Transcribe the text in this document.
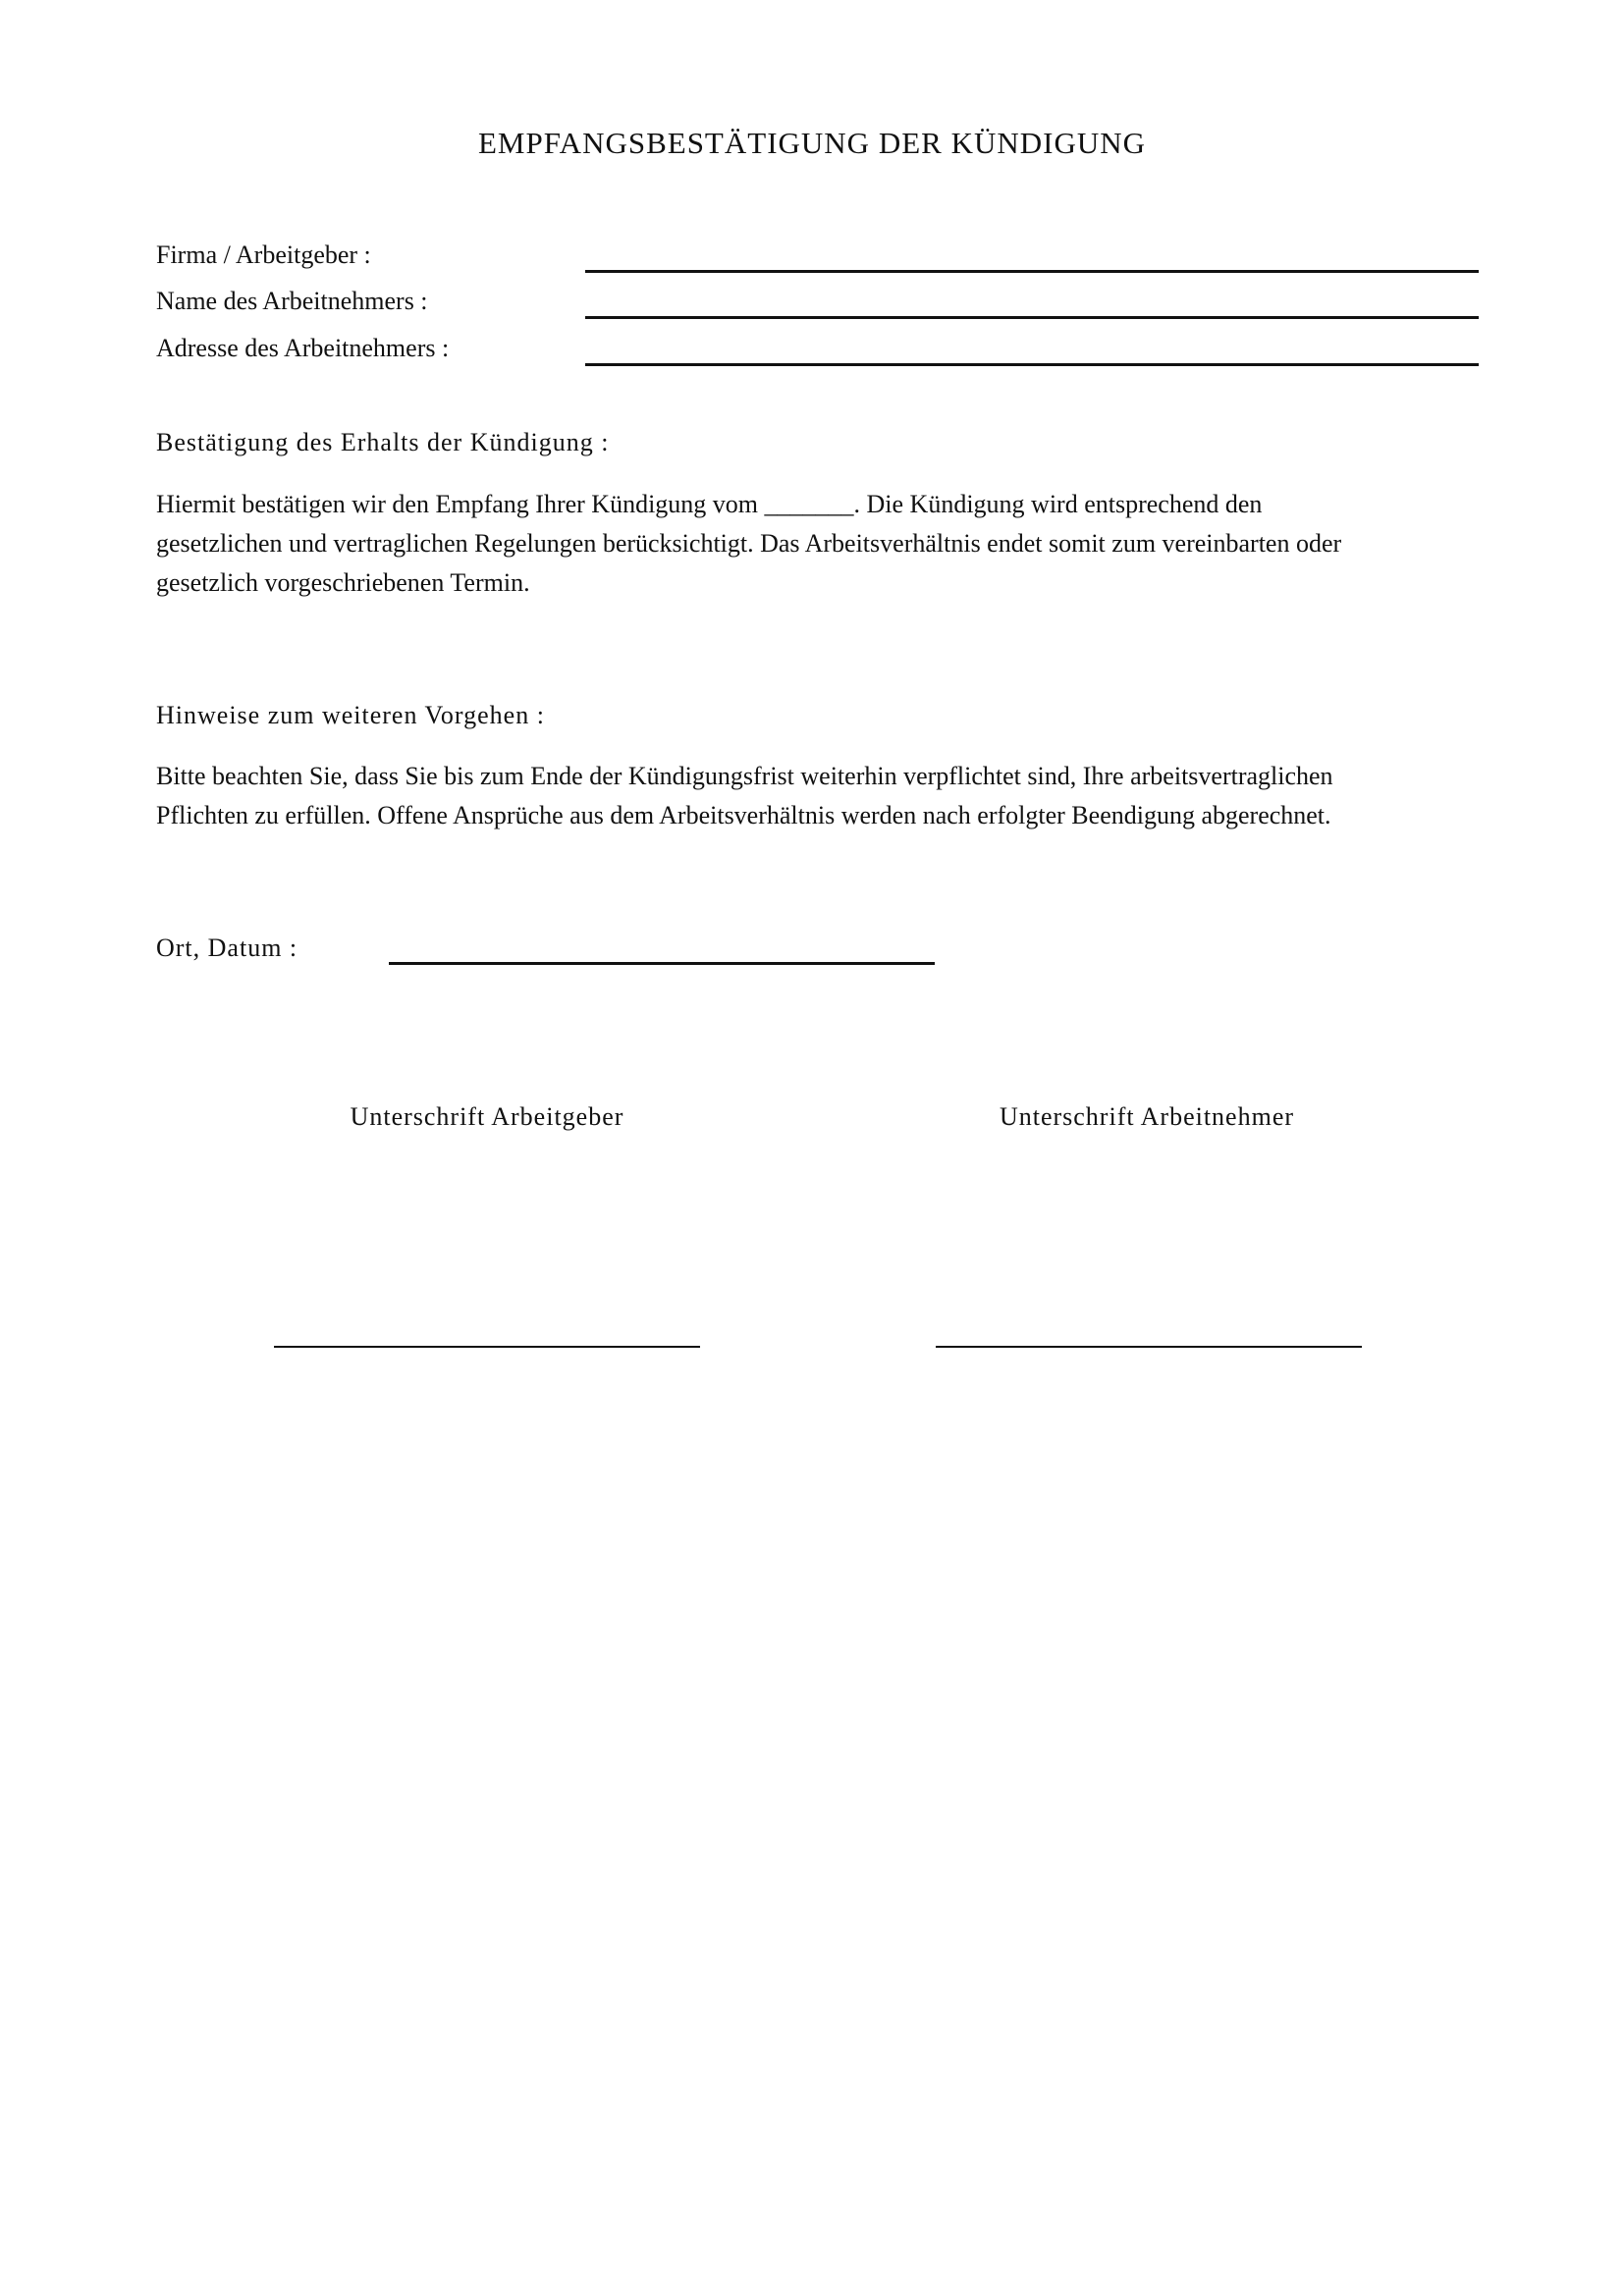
EMPFANGSBESTÄTIGUNG DER KÜNDIGUNG
Firma / Arbeitgeber :
Name des Arbeitnehmers :
Adresse des Arbeitnehmers :
Bestätigung des Erhalts der Kündigung :
Hiermit bestätigen wir den Empfang Ihrer Kündigung vom _______. Die Kündigung wird entsprechend den
gesetzlichen und vertraglichen Regelungen berücksichtigt. Das Arbeitsverhältnis endet somit zum vereinbarten oder
gesetzlich vorgeschriebenen Termin.
Hinweise zum weiteren Vorgehen :
Bitte beachten Sie, dass Sie bis zum Ende der Kündigungsfrist weiterhin verpflichtet sind, Ihre arbeitsvertraglichen
Pflichten zu erfüllen. Offene Ansprüche aus dem Arbeitsverhältnis werden nach erfolgter Beendigung abgerechnet.
Ort, Datum :
Unterschrift Arbeitgeber	Unterschrift Arbeitnehmer
